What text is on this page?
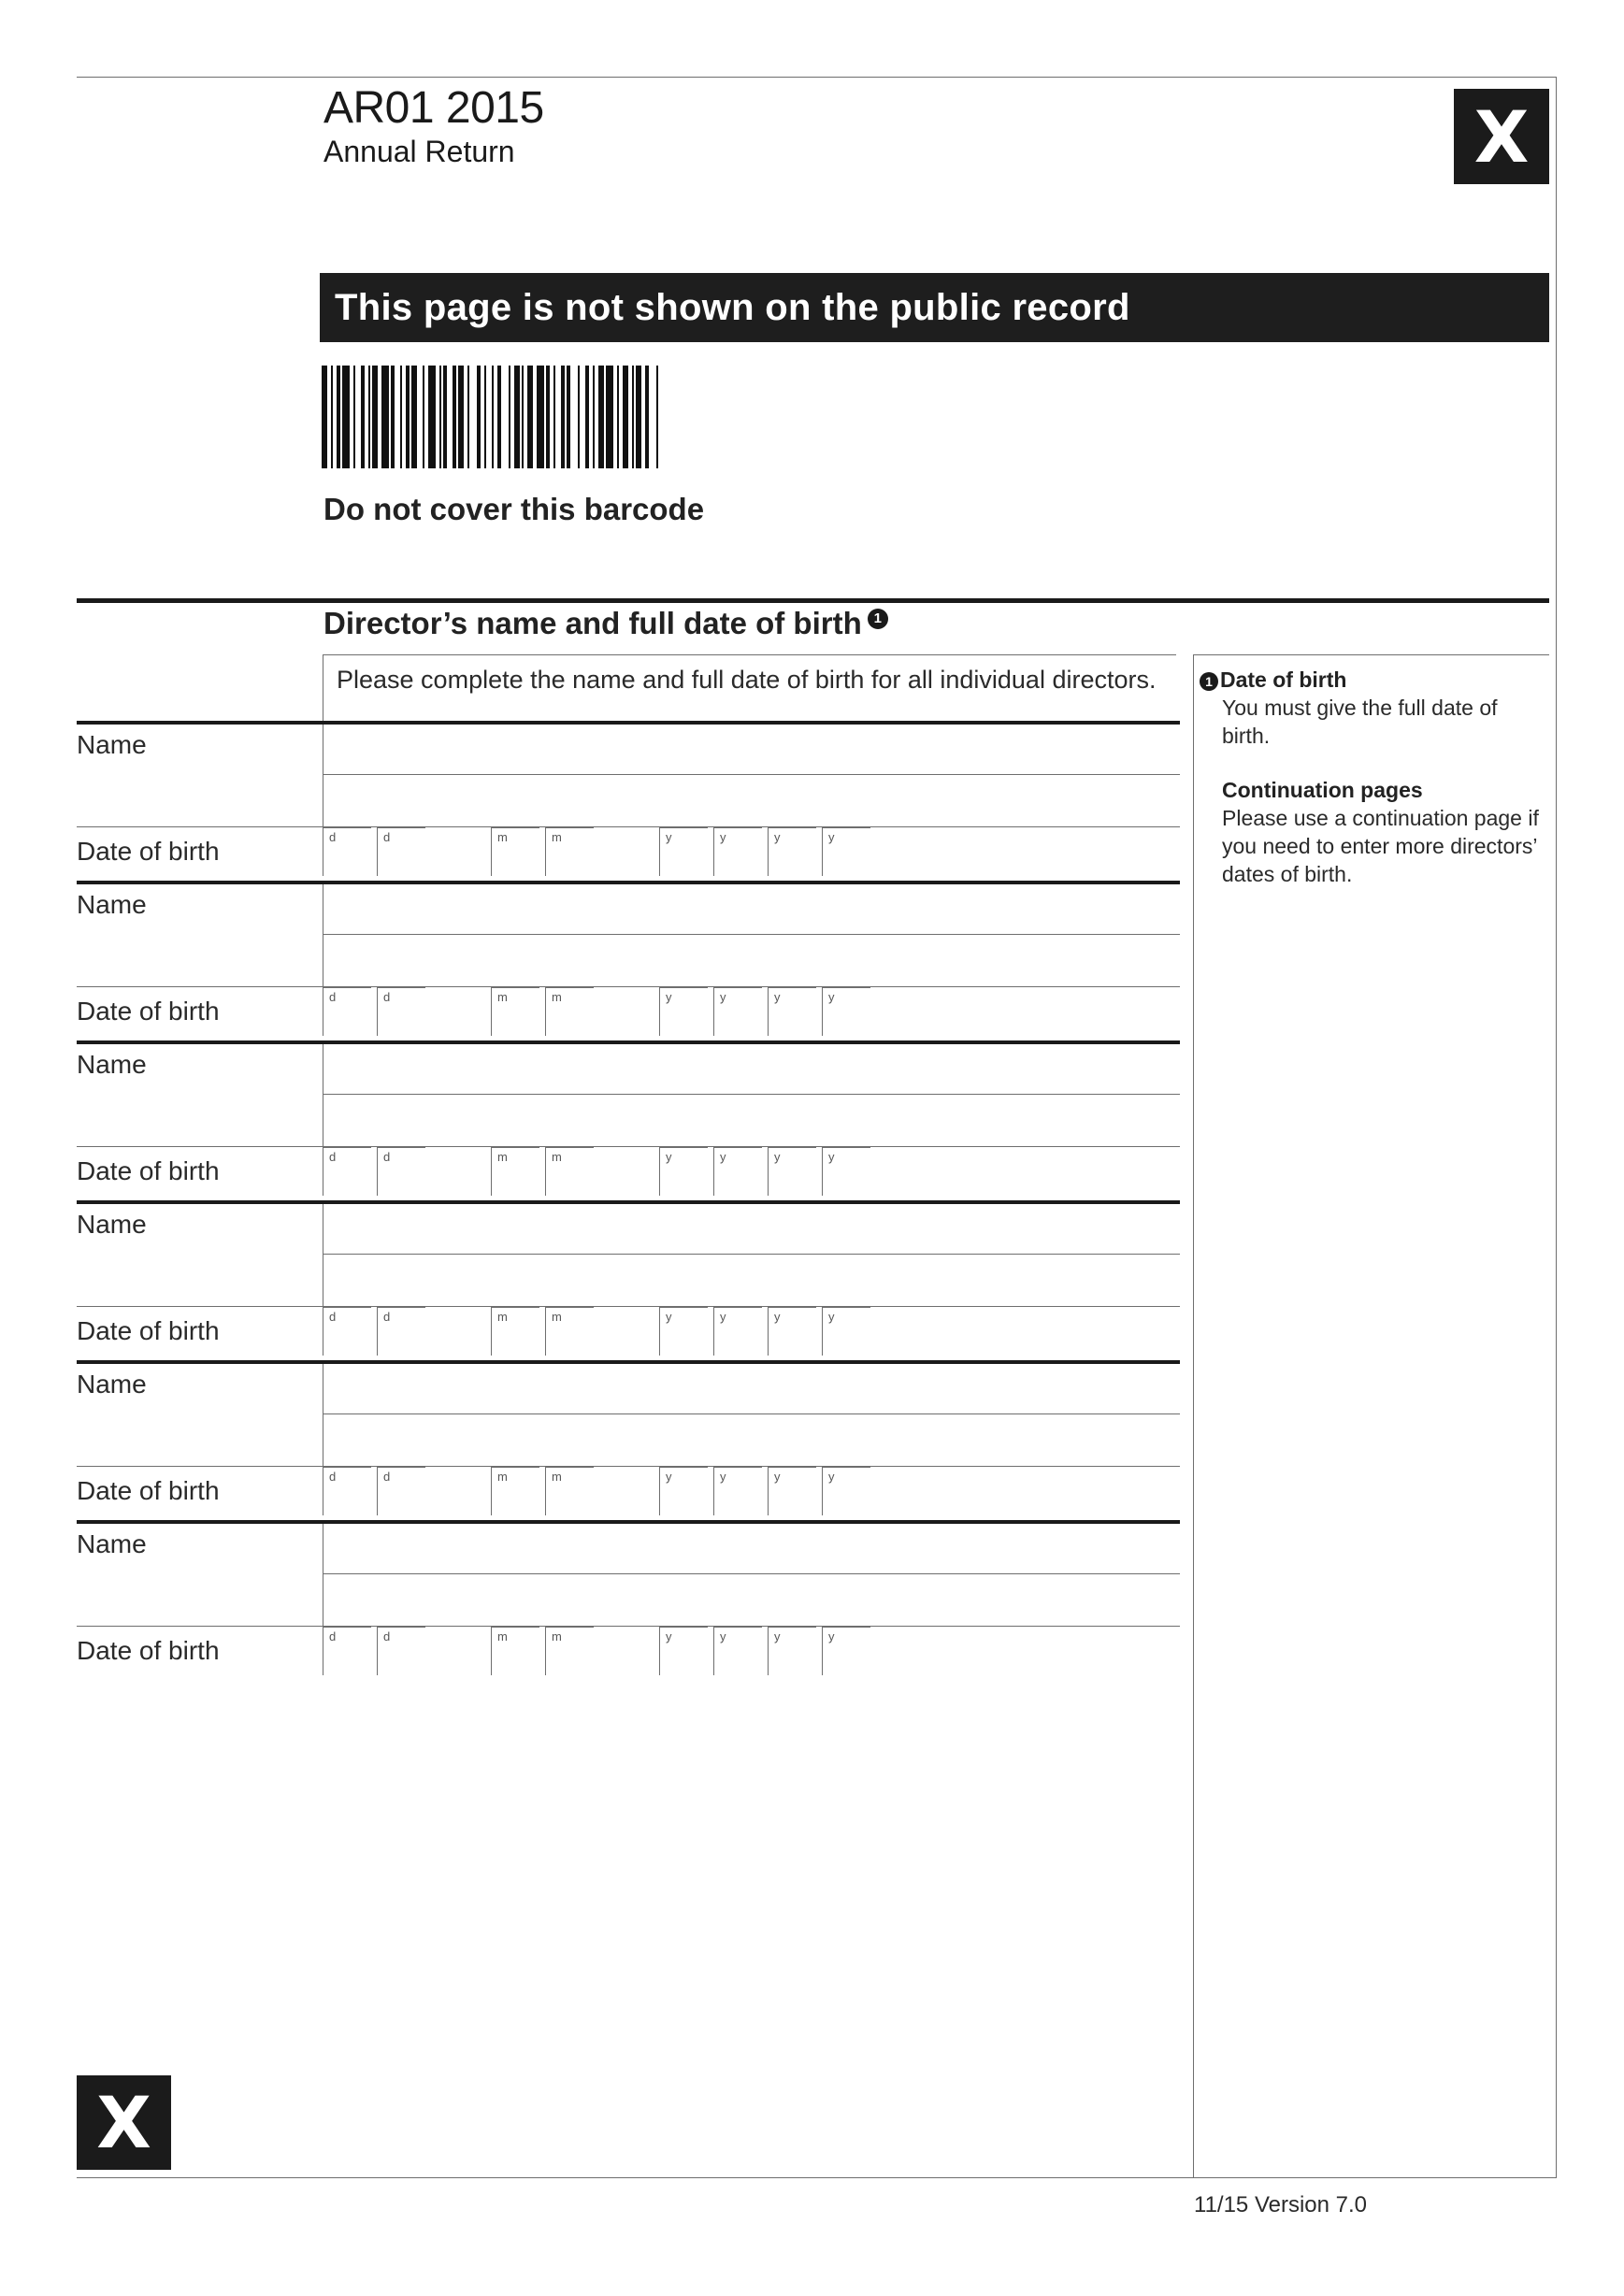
AR01 2015
Annual Return	X
This page is not shown on the public record
Do not cover this barcode
Director’s name and full date of birth 1
Please complete the name and full date of birth for all individual directors.	1 Date of birth
You must give the full date of birth.
Continuation pages
Please use a continuation page if
you need to enter more directors’
dates of birth.
Name
Date of birth	d	d	m	m	y	y	y	y
Name
Date of birth	d	d	m	m	y	y	y	y
Name
Date of birth	d	d	m	m	y	y	y	y
Name
Date of birth	d	d	m	m	y	y	y	y
Name
Date of birth	d	d	m	m	y	y	y	y
Name
Date of birth	d	d	m	m	y	y	y	y
X
11/15 Version 7.0
